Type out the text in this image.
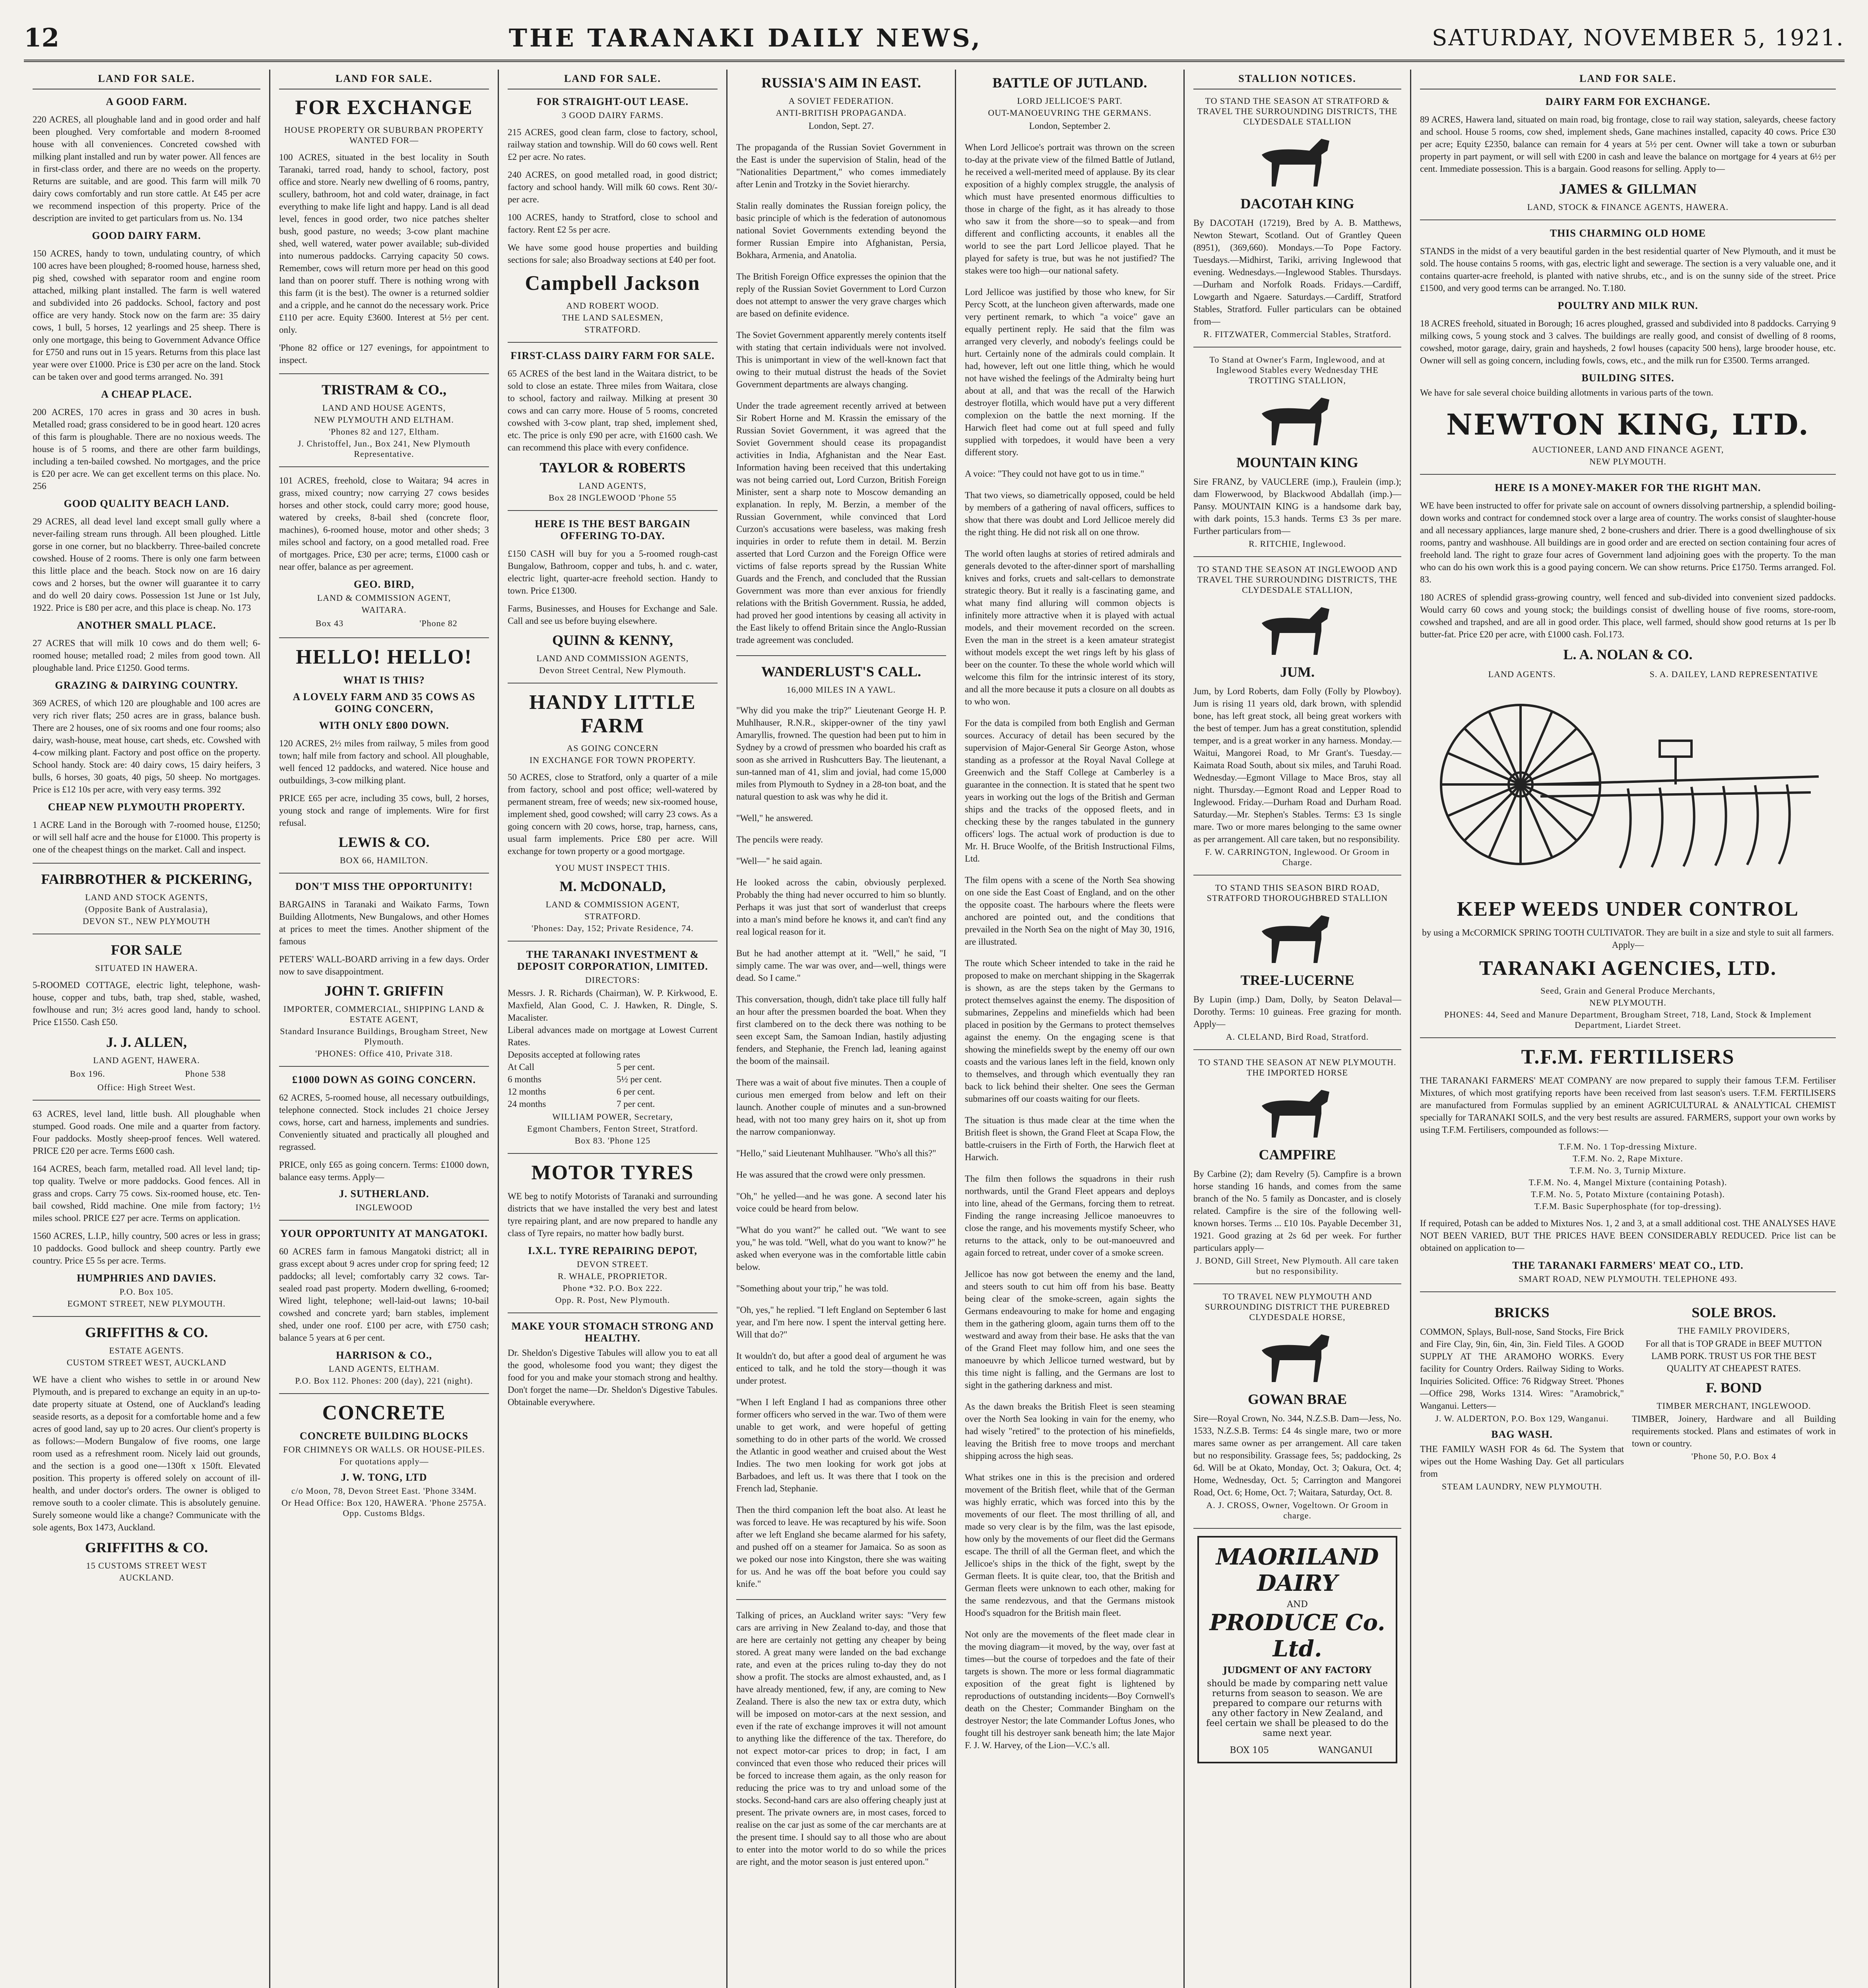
12	THE TARANAKI DAILY NEWS,	SATURDAY, NOVEMBER 5, 1921.
LAND FOR SALE.
A GOOD FARM.
220 ACRES, all ploughable land and in good order and half been ploughed. Very comfortable and modern 8-roomed house with all conveniences. Concreted cowshed with milking plant installed and run by water power. All fences are in first-class order, and there are no weeds on the property. Returns are suitable, and are good. This farm will milk 70 dairy cows comfortably and run store cattle. At £45 per acre we recommend inspection of this property. Price of the description are invited to get particulars from us. No. 134
GOOD DAIRY FARM.
150 ACRES, handy to town, undulating country, of which 100 acres have been ploughed; 8-roomed house, harness shed, pig shed, cowshed with separator room and engine room attached, milking plant installed. The farm is well watered and subdivided into 26 paddocks. School, factory and post office are very handy. Stock now on the farm are: 35 dairy cows, 1 bull, 5 horses, 12 yearlings and 25 sheep. There is only one mortgage, this being to Government Advance Office for £750 and runs out in 15 years. Returns from this place last year were over £1000. Price is £30 per acre on the land. Stock can be taken over and good terms arranged. No. 391
A CHEAP PLACE.
200 ACRES, 170 acres in grass and 30 acres in bush. Metalled road; grass considered to be in good heart. 120 acres of this farm is ploughable. There are no noxious weeds. The house is of 5 rooms, and there are other farm buildings, including a ten-bailed cowshed. No mortgages, and the price is £20 per acre. We can get excellent terms on this place. No. 256
GOOD QUALITY BEACH LAND.
29 ACRES, all dead level land except small gully where a never-failing stream runs through. All been ploughed. Little gorse in one corner, but no blackberry. Three-bailed concrete cowshed. House of 2 rooms. There is only one farm between this little place and the beach. Stock now on are 16 dairy cows and 2 horses, but the owner will guarantee it to carry and do well 20 dairy cows. Possession 1st June or 1st July, 1922. Price is £80 per acre, and this place is cheap. No. 173
ANOTHER SMALL PLACE.
27 ACRES that will milk 10 cows and do them well; 6-roomed house; metalled road; 2 miles from good town. All ploughable land. Price £1250. Good terms.
GRAZING & DAIRYING COUNTRY.
369 ACRES, of which 120 are ploughable and 100 acres are very rich river flats; 250 acres are in grass, balance bush. There are 2 houses, one of six rooms and one four rooms; also dairy, wash-house, meat house, cart sheds, etc. Cowshed with 4-cow milking plant. Factory and post office on the property. School handy. Stock are: 40 dairy cows, 15 dairy heifers, 3 bulls, 6 horses, 30 goats, 40 pigs, 50 sheep. No mortgages. Price is £12 10s per acre, with very easy terms. 392
CHEAP NEW PLYMOUTH PROPERTY.
1 ACRE Land in the Borough with 7-roomed house, £1250; or will sell half acre and the house for £1000. This property is one of the cheapest things on the market. Call and inspect.
FAIRBROTHER & PICKERING,
LAND AND STOCK AGENTS,
(Opposite Bank of Australasia),
DEVON ST., NEW PLYMOUTH
FOR SALE
SITUATED IN HAWERA.
5-ROOMED COTTAGE, electric light, telephone, wash-house, copper and tubs, bath, trap shed, stable, washed, fowlhouse and run; 3½ acres good land, handy to school. Price £1550. Cash £50.
J. J. ALLEN,
LAND AGENT, HAWERA.
Box 196.	Phone 538
Office: High Street West.
63 ACRES, level land, little bush. All ploughable when stumped. Good roads. One mile and a quarter from factory. Four paddocks. Mostly sheep-proof fences. Well watered. PRICE £20 per acre. Terms £600 cash.
164 ACRES, beach farm, metalled road. All level land; tip-top quality. Twelve or more paddocks. Good fences. All in grass and crops. Carry 75 cows. Six-roomed house, etc. Ten-bail cowshed, Ridd machine. One mile from factory; 1½ miles school. PRICE £27 per acre. Terms on application.
1560 ACRES, L.I.P., hilly country, 500 acres or less in grass; 10 paddocks. Good bullock and sheep country. Partly ewe country. Price £5 5s per acre. Terms.
HUMPHRIES AND DAVIES.
P.O. Box 105.
EGMONT STREET, NEW PLYMOUTH.
GRIFFITHS & CO.
ESTATE AGENTS.
CUSTOM STREET WEST, AUCKLAND
WE have a client who wishes to settle in or around New Plymouth, and is prepared to exchange an equity in an up-to-date property situate at Ostend, one of Auckland's leading seaside resorts, as a deposit for a comfortable home and a few acres of good land, say up to 20 acres. Our client's property is as follows:—Modern Bungalow of five rooms, one large room used as a refreshment room. Nicely laid out grounds, and the section is a good one—130ft x 150ft. Elevated position. This property is offered solely on account of ill-health, and under doctor's orders. The owner is obliged to remove south to a cooler climate. This is absolutely genuine. Surely someone would like a change? Communicate with the sole agents, Box 1473, Auckland.
GRIFFITHS & CO.
15 CUSTOMS STREET WEST
AUCKLAND.
LAND FOR SALE.
FOR EXCHANGE
HOUSE PROPERTY OR SUBURBAN PROPERTY WANTED FOR—
100 ACRES, situated in the best locality in South Taranaki, tarred road, handy to school, factory, post office and store. Nearly new dwelling of 6 rooms, pantry, scullery, bathroom, hot and cold water, drainage, in fact everything to make life light and happy. Land is all dead level, fences in good order, two nice patches shelter bush, good pasture, no weeds; 3-cow plant machine shed, well watered, water power available; sub-divided into numerous paddocks. Carrying capacity 50 cows. Remember, cows will return more per head on this good land than on poorer stuff. There is nothing wrong with this farm (it is the best). The owner is a returned soldier and a cripple, and he cannot do the necessary work. Price £110 per acre. Equity £3600. Interest at 5½ per cent. only.
'Phone 82 office or 127 evenings, for appointment to inspect.
TRISTRAM & CO.,
LAND AND HOUSE AGENTS,
NEW PLYMOUTH AND ELTHAM.
'Phones 82 and 127, Eltham.
J. Christoffel, Jun., Box 241, New Plymouth Representative.
101 ACRES, freehold, close to Waitara; 94 acres in grass, mixed country; now carrying 27 cows besides horses and other stock, could carry more; good house, watered by creeks, 8-bail shed (concrete floor, machines), 6-roomed house, motor and other sheds; 3 miles school and factory, on a good metalled road. Free of mortgages. Price, £30 per acre; terms, £1000 cash or near offer, balance as per agreement.
GEO. BIRD,
LAND & COMMISSION AGENT,
WAITARA.
Box 43	'Phone 82
HELLO! HELLO!
WHAT IS THIS?
A LOVELY FARM AND 35 COWS AS GOING CONCERN,
WITH ONLY £800 DOWN.
120 ACRES, 2½ miles from railway, 5 miles from good town; half mile from factory and school. All ploughable, well fenced 12 paddocks, and watered. Nice house and outbuildings, 3-cow milking plant.
PRICE £65 per acre, including 35 cows, bull, 2 horses, young stock and range of implements. Wire for first refusal.
LEWIS & CO.
BOX 66, HAMILTON.
DON'T MISS THE OPPORTUNITY!
BARGAINS in Taranaki and Waikato Farms, Town Building Allotments, New Bungalows, and other Homes at prices to meet the times. Another shipment of the famous
PETERS' WALL-BOARD arriving in a few days. Order now to save disappointment.
JOHN T. GRIFFIN
IMPORTER, COMMERCIAL, SHIPPING LAND & ESTATE AGENT,
Standard Insurance Buildings, Brougham Street, New Plymouth.
'PHONES: Office 410, Private 318.
£1000 DOWN AS GOING CONCERN.
62 ACRES, 5-roomed house, all necessary outbuildings, telephone connected. Stock includes 21 choice Jersey cows, horse, cart and harness, implements and sundries. Conveniently situated and practically all ploughed and regrassed.
PRICE, only £65 as going concern. Terms: £1000 down, balance easy terms. Apply—
J. SUTHERLAND.
INGLEWOOD
YOUR OPPORTUNITY AT MANGATOKI.
60 ACRES farm in famous Mangatoki district; all in grass except about 9 acres under crop for spring feed; 12 paddocks; all level; comfortably carry 32 cows. Tar-sealed road past property. Modern dwelling, 6-roomed; Wired light, telephone; well-laid-out lawns; 10-bail cowshed and concrete yard; barn stables, implement shed, under one roof. £100 per acre, with £750 cash; balance 5 years at 6 per cent.
HARRISON & CO.,
LAND AGENTS, ELTHAM.
P.O. Box 112. Phones: 200 (day), 221 (night).
CONCRETE
CONCRETE BUILDING BLOCKS
FOR CHIMNEYS OR WALLS. OR HOUSE-PILES.
For quotations apply—
J. W. TONG, LTD
c/o Moon, 78, Devon Street East. 'Phone 334M.
Or Head Office: Box 120, HAWERA. 'Phone 2575A. Opp. Customs Bldgs.
LAND FOR SALE.
FOR STRAIGHT-OUT LEASE.
3 GOOD DAIRY FARMS.
215 ACRES, good clean farm, close to factory, school, railway station and township. Will do 60 cows well. Rent £2 per acre. No rates.
240 ACRES, on good metalled road, in good district; factory and school handy. Will milk 60 cows. Rent 30/- per acre.
100 ACRES, handy to Stratford, close to school and factory. Rent £2 5s per acre.
We have some good house properties and building sections for sale; also Broadway sections at £40 per foot.
Campbell Jackson
AND ROBERT WOOD.
THE LAND SALESMEN,
STRATFORD.
FIRST-CLASS DAIRY FARM FOR SALE.
65 ACRES of the best land in the Waitara district, to be sold to close an estate. Three miles from Waitara, close to school, factory and railway. Milking at present 30 cows and can carry more. House of 5 rooms, concreted cowshed with 3-cow plant, trap shed, implement shed, etc. The price is only £90 per acre, with £1600 cash. We can recommend this place with every confidence.
TAYLOR & ROBERTS
LAND AGENTS,
Box 28 INGLEWOOD 'Phone 55
HERE IS THE BEST BARGAIN OFFERING TO-DAY.
£150 CASH will buy for you a 5-roomed rough-cast Bungalow, Bathroom, copper and tubs, h. and c. water, electric light, quarter-acre freehold section. Handy to town. Price £1300.
Farms, Businesses, and Houses for Exchange and Sale. Call and see us before buying elsewhere.
QUINN & KENNY,
LAND AND COMMISSION AGENTS,
Devon Street Central, New Plymouth.
HANDY LITTLE FARM
AS GOING CONCERN
IN EXCHANGE FOR TOWN PROPERTY.
50 ACRES, close to Stratford, only a quarter of a mile from factory, school and post office; well-watered by permanent stream, free of weeds; new six-roomed house, implement shed, good cowshed; will carry 23 cows. As a going concern with 20 cows, horse, trap, harness, cans, usual farm implements. Price £80 per acre. Will exchange for town property or a good mortgage.
YOU MUST INSPECT THIS.
M. McDONALD,
LAND & COMMISSION AGENT,
STRATFORD.
'Phones: Day, 152; Private Residence, 74.
THE TARANAKI INVESTMENT & DEPOSIT CORPORATION, LIMITED.
DIRECTORS:
Messrs. J. R. Richards (Chairman), W. P. Kirkwood, E. Maxfield, Alan Good, C. J. Hawken, R. Dingle, S. Macalister.
Liberal advances made on mortgage at Lowest Current Rates.
Deposits accepted at following rates
At Call	5 per cent.
6 months	5½ per cent.
12 months	6 per cent.
24 months	7 per cent.
WILLIAM POWER, Secretary,
Egmont Chambers, Fenton Street, Stratford.
Box 83. 'Phone 125
MOTOR TYRES
WE beg to notify Motorists of Taranaki and surrounding districts that we have installed the very best and latest tyre repairing plant, and are now prepared to handle any class of Tyre repairs, no matter how badly burst.
I.X.L. TYRE REPAIRING DEPOT,
DEVON STREET.
R. WHALE, PROPRIETOR.
Phone *32. P.O. Box 222.
Opp. R. Post, New Plymouth.
MAKE YOUR STOMACH STRONG AND HEALTHY.
Dr. Sheldon's Digestive Tabules will allow you to eat all the good, wholesome food you want; they digest the food for you and make your stomach strong and healthy. Don't forget the name—Dr. Sheldon's Digestive Tabules. Obtainable everywhere.
RUSSIA'S AIM IN EAST.
A SOVIET FEDERATION.
ANTI-BRITISH PROPAGANDA.
London, Sept. 27.

The propaganda of the Russian Soviet Government in the East is under the supervision of Stalin, head of the "Nationalities Department," who comes immediately after Lenin and Trotzky in the Soviet hierarchy.

Stalin really dominates the Russian foreign policy, the basic principle of which is the federation of autonomous national Soviet Governments extending beyond the former Russian Empire into Afghanistan, Persia, Bokhara, Armenia, and Anatolia.

The British Foreign Office expresses the opinion that the reply of the Russian Soviet Government to Lord Curzon does not attempt to answer the very grave charges which are based on definite evidence.

The Soviet Government apparently merely contents itself with stating that certain individuals were not involved. This is unimportant in view of the well-known fact that owing to their mutual distrust the heads of the Soviet Government departments are always changing.

Under the trade agreement recently arrived at between Sir Robert Horne and M. Krassin the emissary of the Russian Soviet Government, it was agreed that the Soviet Government should cease its propagandist activities in India, Afghanistan and the Near East. Information having been received that this undertaking was not being carried out, Lord Curzon, British Foreign Minister, sent a sharp note to Moscow demanding an explanation. In reply, M. Berzin, a member of the Russian Government, while convinced that Lord Curzon's accusations were baseless, was making fresh inquiries in order to refute them in detail. M. Berzin asserted that Lord Curzon and the Foreign Office were victims of false reports spread by the Russian White Guards and the French, and concluded that the Russian Government was more than ever anxious for friendly relations with the British Government. Russia, he added, had proved her good intentions by ceasing all activity in the East likely to offend Britain since the Anglo-Russian trade agreement was concluded.

WANDERLUST'S CALL.
16,000 MILES IN A YAWL.

"Why did you make the trip?" Lieutenant George H. P. Muhlhauser, R.N.R., skipper-owner of the tiny yawl Amaryllis, frowned. The question had been put to him in Sydney by a crowd of pressmen who boarded his craft as soon as she arrived in Rushcutters Bay. The lieutenant, a sun-tanned man of 41, slim and jovial, had come 15,000 miles from Plymouth to Sydney in a 28-ton boat, and the natural question to ask was why he did it.

"Well," he answered.

The pencils were ready.

"Well—" he said again.

He looked across the cabin, obviously perplexed. Probably the thing had never occurred to him so bluntly. Perhaps it was just that sort of wanderlust that creeps into a man's mind before he knows it, and can't find any real logical reason for it.

But he had another attempt at it. "Well," he said, "I simply came. The war was over, and—well, things were dead. So I came."

This conversation, though, didn't take place till fully half an hour after the pressmen boarded the boat. When they first clambered on to the deck there was nothing to be seen except Sam, the Samoan Indian, hastily adjusting fenders, and Stephanie, the French lad, leaning against the boom of the mainsail.

There was a wait of about five minutes. Then a couple of curious men emerged from below and left on their launch. Another couple of minutes and a sun-browned head, with not too many grey hairs on it, shot up from the narrow companionway.

"Hello," said Lieutenant Muhlhauser. "Who's all this?"

He was assured that the crowd were only pressmen.

"Oh," he yelled—and he was gone. A second later his voice could be heard from below.

"What do you want?" he called out. "We want to see you," he was told. "Well, what do you want to know?" he asked when everyone was in the comfortable little cabin below.

"Something about your trip," he was told.

"Oh, yes," he replied. "I left England on September 6 last year, and I'm here now. I spent the interval getting here. Will that do?"

It wouldn't do, but after a good deal of argument he was enticed to talk, and he told the story—though it was under protest.

"When I left England I had as companions three other former officers who served in the war. Two of them were unable to get work, and were hopeful of getting something to do in other parts of the world. We crossed the Atlantic in good weather and cruised about the West Indies. The two men looking for work got jobs at Barbadoes, and left us. It was there that I took on the French lad, Stephanie.

Then the third companion left the boat also. At least he was forced to leave. He was recaptured by his wife. Soon after we left England she became alarmed for his safety, and pushed off on a steamer for Jamaica. So as soon as we poked our nose into Kingston, there she was waiting for us. And he was off the boat before you could say knife."

Talking of prices, an Auckland writer says: "Very few cars are arriving in New Zealand to-day, and those that are here are certainly not getting any cheaper by being stored. A great many were landed on the bad exchange rate, and even at the prices ruling to-day they do not show a profit. The stocks are almost exhausted, and, as I have already mentioned, few, if any, are coming to New Zealand. There is also the new tax or extra duty, which will be imposed on motor-cars at the next session, and even if the rate of exchange improves it will not amount to anything like the difference of the tax. Therefore, do not expect motor-car prices to drop; in fact, I am convinced that even those who reduced their prices will be forced to increase them again, as the only reason for reducing the price was to try and unload some of the stocks. Second-hand cars are also offering cheaply just at present. The private owners are, in most cases, forced to realise on the car just as some of the car merchants are at the present time. I should say to all those who are about to enter into the motor world to do so while the prices are right, and the motor season is just entered upon."

BATTLE OF JUTLAND.
LORD JELLICOE'S PART.
OUT-MANOEUVRING THE GERMANS.
London, September 2.

When Lord Jellicoe's portrait was thrown on the screen to-day at the private view of the filmed Battle of Jutland, he received a well-merited meed of applause. By its clear exposition of a highly complex struggle, the analysis of which must have presented enormous difficulties to those in charge of the fight, as it has already to those who saw it from the shore—so to speak—and from different and conflicting accounts, it enables all the world to see the part Lord Jellicoe played. That he played for safety is true, but was he not justified? The stakes were too high—our national safety.

Lord Jellicoe was justified by those who knew, for Sir Percy Scott, at the luncheon given afterwards, made one very pertinent remark, to which "a voice" gave an equally pertinent reply. He said that the film was arranged very cleverly, and nobody's feelings could be hurt. Certainly none of the admirals could complain. It had, however, left out one little thing, which he would not have wished the feelings of the Admiralty being hurt about at all, and that was the recall of the Harwich destroyer flotilla, which would have put a very different complexion on the battle the next morning. If the Harwich fleet had come out at full speed and fully supplied with torpedoes, it would have been a very different story.

A voice: "They could not have got to us in time."

That two views, so diametrically opposed, could be held by members of a gathering of naval officers, suffices to show that there was doubt and Lord Jellicoe merely did the right thing. He did not risk all on one throw.

The world often laughs at stories of retired admirals and generals devoted to the after-dinner sport of marshalling knives and forks, cruets and salt-cellars to demonstrate strategic theory. But it really is a fascinating game, and what many find alluring will common objects is infinitely more attractive when it is played with actual models, and their movement recorded on the screen. Even the man in the street is a keen amateur strategist without models except the wet rings left by his glass of beer on the counter. To these the whole world which will welcome this film for the intrinsic interest of its story, and all the more because it puts a closure on all doubts as to who won.

For the data is compiled from both English and German sources. Accuracy of detail has been secured by the supervision of Major-General Sir George Aston, whose standing as a professor at the Royal Naval College at Greenwich and the Staff College at Camberley is a guarantee in the connection. It is stated that he spent two years in working out the logs of the British and German ships and the tracks of the opposed fleets, and in checking these by the ranges tabulated in the gunnery officers' logs. The actual work of production is due to Mr. H. Bruce Woolfe, of the British Instructional Films, Ltd.

The film opens with a scene of the North Sea showing on one side the East Coast of England, and on the other the opposite coast. The harbours where the fleets were anchored are pointed out, and the conditions that prevailed in the North Sea on the night of May 30, 1916, are illustrated.

The route which Scheer intended to take in the raid he proposed to make on merchant shipping in the Skagerrak is shown, as are the steps taken by the Germans to protect themselves against the enemy. The disposition of submarines, Zeppelins and minefields which had been placed in position by the Germans to protect themselves against the enemy. On the engaging scene is that showing the minefields swept by the enemy off our own coasts and the various lanes left in the field, known only to themselves, and through which eventually they ran back to lick behind their shelter. One sees the German submarines off our coasts waiting for our fleets.

The situation is thus made clear at the time when the British fleet is shown, the Grand Fleet at Scapa Flow, the battle-cruisers in the Firth of Forth, the Harwich fleet at Harwich.

The film then follows the squadrons in their rush northwards, until the Grand Fleet appears and deploys into line, ahead of the Germans, forcing them to retreat. Finding the range increasing Jellicoe manoeuvres to close the range, and his movements mystify Scheer, who returns to the attack, only to be out-manoeuvred and again forced to retreat, under cover of a smoke screen.

Jellicoe has now got between the enemy and the land, and steers south to cut him off from his base. Beatty being clear of the smoke-screen, again sights the Germans endeavouring to make for home and engaging them in the gathering gloom, again turns them off to the westward and away from their base. He asks that the van of the Grand Fleet may follow him, and one sees the manoeuvre by which Jellicoe turned westward, but by this time night is falling, and the Germans are lost to sight in the gathering darkness and mist.

As the dawn breaks the British Fleet is seen steaming over the North Sea looking in vain for the enemy, who had wisely "retired" to the protection of his minefields, leaving the British free to move troops and merchant shipping across the high seas.

What strikes one in this is the precision and ordered movement of the British fleet, while that of the German was highly erratic, which was forced into this by the movements of our fleet. The most thrilling of all, and made so very clear is by the film, was the last episode, how only by the movements of our fleet did the Germans escape. The thrill of all the German fleet, and which the Jellicoe's ships in the thick of the fight, swept by the German fleets. It is quite clear, too, that the British and German fleets were unknown to each other, making for the same rendezvous, and that the Germans mistook Hood's squadron for the British main fleet.

Not only are the movements of the fleet made clear in the moving diagram—it moved, by the way, over fast at times—but the course of torpedoes and the fate of their targets is shown. The more or less formal diagrammatic exposition of the great fight is lightened by reproductions of outstanding incidents—Boy Cornwell's death on the Chester; Commander Bingham on the destroyer Nestor; the late Commander Loftus Jones, who fought till his destroyer sank beneath him; the late Major F. J. W. Harvey, of the Lion—V.C.'s all.

STALLION NOTICES.
TO STAND THE SEASON AT STRATFORD & TRAVEL THE SURROUNDING DISTRICTS, THE CLYDESDALE STALLION
DACOTAH KING
By DACOTAH (17219), Bred by A. B. Matthews, Newton Stewart, Scotland. Out of Grantley Queen (8951), (369,660). Mondays.—To Pope Factory. Tuesdays.—Midhirst, Tariki, arriving Inglewood that evening. Wednesdays.—Inglewood Stables. Thursdays.—Durham and Norfolk Roads. Fridays.—Cardiff, Lowgarth and Ngaere. Saturdays.—Cardiff, Stratford Stables, Stratford. Fuller particulars can be obtained from—
R. FITZWATER, Commercial Stables, Stratford.
To Stand at Owner's Farm, Inglewood, and at Inglewood Stables every Wednesday THE TROTTING STALLION,
MOUNTAIN KING
Sire FRANZ, by VAUCLERE (imp.), Fraulein (imp.); dam Flowerwood, by Blackwood Abdallah (imp.)—Pansy. MOUNTAIN KING is a handsome dark bay, with dark points, 15.3 hands. Terms £3 3s per mare. Further particulars from—
R. RITCHIE, Inglewood.
TO STAND THE SEASON AT INGLEWOOD AND TRAVEL THE SURROUNDING DISTRICTS, THE CLYDESDALE STALLION,
JUM.
Jum, by Lord Roberts, dam Folly (Folly by Plowboy). Jum is rising 11 years old, dark brown, with splendid bone, has left great stock, all being great workers with the best of temper. Jum has a great constitution, splendid temper, and is a great worker in any harness. Monday.—Waitui, Mangorei Road, to Mr Grant's. Tuesday.—Kaimata Road South, about six miles, and Taruhi Road. Wednesday.—Egmont Village to Mace Bros, stay all night. Thursday.—Egmont Road and Lepper Road to Inglewood. Friday.—Durham Road and Durham Road. Saturday.—Mr. Stephen's Stables. Terms: £3 1s single mare. Two or more mares belonging to the same owner as per arrangement. All care taken, but no responsibility.
F. W. CARRINGTON, Inglewood. Or Groom in Charge.
TO STAND THIS SEASON BIRD ROAD, STRATFORD THOROUGHBRED STALLION
TREE-LUCERNE
By Lupin (imp.) Dam, Dolly, by Seaton Delaval—Dorothy. Terms: 10 guineas. Free grazing for month. Apply—
A. CLELAND, Bird Road, Stratford.
TO STAND THE SEASON AT NEW PLYMOUTH. THE IMPORTED HORSE
CAMPFIRE
By Carbine (2); dam Revelry (5). Campfire is a brown horse standing 16 hands, and comes from the same branch of the No. 5 family as Doncaster, and is closely related. Campfire is the sire of the following well-known horses. Terms ... £10 10s. Payable December 31, 1921. Good grazing at 2s 6d per week. For further particulars apply—
J. BOND, Gill Street, New Plymouth. All care taken but no responsibility.
TO TRAVEL NEW PLYMOUTH AND SURROUNDING DISTRICT THE PUREBRED CLYDESDALE HORSE,
GOWAN BRAE
Sire—Royal Crown, No. 344, N.Z.S.B. Dam—Jess, No. 1533, N.Z.S.B. Terms: £4 4s single mare, two or more mares same owner as per arrangement. All care taken but no responsibility. Grassage fees, 5s; paddocking, 2s 6d. Will be at Okato, Monday, Oct. 3; Oakura, Oct. 4; Home, Wednesday, Oct. 5; Carrington and Mangorei Road, Oct. 6; Home, Oct. 7; Waitara, Saturday, Oct. 8.
A. J. CROSS, Owner, Vogeltown. Or Groom in charge.
MAORILAND DAIRY
AND
PRODUCE Co. Ltd.
JUDGMENT OF ANY FACTORY
should be made by comparing nett value returns from season to season. We are prepared to compare our returns with any other factory in New Zealand, and feel certain we shall be pleased to do the same next year.
BOX 105	WANGANUI
LAND FOR SALE.
DAIRY FARM FOR EXCHANGE.
89 ACRES, Hawera land, situated on main road, big frontage, close to rail way station, saleyards, cheese factory and school. House 5 rooms, cow shed, implement sheds, Gane machines installed, capacity 40 cows. Price £30 per acre; Equity £2350, balance can remain for 4 years at 5½ per cent. Owner will take a town or suburban property in part payment, or will sell with £200 in cash and leave the balance on mortgage for 4 years at 6½ per cent. Immediate possession. This is a bargain. Good reasons for selling. Apply to—
JAMES & GILLMAN
LAND, STOCK & FINANCE AGENTS, HAWERA.
THIS CHARMING OLD HOME
STANDS in the midst of a very beautiful garden in the best residential quarter of New Plymouth, and it must be sold. The house contains 5 rooms, with gas, electric light and sewerage. The section is a very valuable one, and it contains quarter-acre freehold, is planted with native shrubs, etc., and is on the sunny side of the street. Price £1500, and very good terms can be arranged. No. T.180.
POULTRY AND MILK RUN.
18 ACRES freehold, situated in Borough; 16 acres ploughed, grassed and subdivided into 8 paddocks. Carrying 9 milking cows, 5 young stock and 3 calves. The buildings are really good, and consist of dwelling of 8 rooms, cowshed, motor garage, dairy, grain and haysheds, 2 fowl houses (capacity 500 hens), large brooder house, etc. Owner will sell as going concern, including fowls, cows, etc., and the milk run for £3500. Terms arranged.
BUILDING SITES.
We have for sale several choice building allotments in various parts of the town.
NEWTON KING, LTD.
AUCTIONEER, LAND AND FINANCE AGENT,
NEW PLYMOUTH.
HERE IS A MONEY-MAKER FOR THE RIGHT MAN.
WE have been instructed to offer for private sale on account of owners dissolving partnership, a splendid boiling-down works and contract for condemned stock over a large area of country. The works consist of slaughter-house and all necessary appliances, large manure shed, 2 bone-crushers and drier. There is a good dwellinghouse of six rooms, pantry and washhouse. All buildings are in good order and are erected on section containing four acres of freehold land. The right to graze four acres of Government land adjoining goes with the property. To the man who can do his own work this is a good paying concern. We can show returns. Price £1750. Terms arranged. Fol. 83.
180 ACRES of splendid grass-growing country, well fenced and sub-divided into convenient sized paddocks. Would carry 60 cows and young stock; the buildings consist of dwelling house of five rooms, store-room, cowshed and trapshed, and are all in good order. This place, well farmed, should show good returns at 1s per lb butter-fat. Price £20 per acre, with £1000 cash. Fol.173.
L. A. NOLAN & CO.
LAND AGENTS.	S. A. DAILEY, LAND REPRESENTATIVE
KEEP WEEDS UNDER CONTROL
by using a McCORMICK SPRING TOOTH CULTIVATOR. They are built in a size and style to suit all farmers. Apply—
TARANAKI AGENCIES, LTD.
Seed, Grain and General Produce Merchants,
NEW PLYMOUTH.
PHONES: 44, Seed and Manure Department, Brougham Street, 718, Land, Stock & Implement Department, Liardet Street.
T.F.M. FERTILISERS
THE TARANAKI FARMERS' MEAT COMPANY are now prepared to supply their famous T.F.M. Fertiliser Mixtures, of which most gratifying reports have been received from last season's users. T.F.M. FERTILISERS are manufactured from Formulas supplied by an eminent AGRICULTURAL & ANALYTICAL CHEMIST specially for TARANAKI SOILS, and the very best results are assured. FARMERS, support your own works by using T.F.M. Fertilisers, compounded as follows:—
T.F.M. No. 1 Top-dressing Mixture.
T.F.M. No. 2, Rape Mixture.
T.F.M. No. 3, Turnip Mixture.
T.F.M. No. 4, Mangel Mixture (containing Potash).
T.F.M. No. 5, Potato Mixture (containing Potash).
T.F.M. Basic Superphosphate (for top-dressing).
If required, Potash can be added to Mixtures Nos. 1, 2 and 3, at a small additional cost. THE ANALYSES HAVE NOT BEEN VARIED, BUT THE PRICES HAVE BEEN CONSIDERABLY REDUCED. Price list can be obtained on application to—
THE TARANAKI FARMERS' MEAT CO., LTD.
SMART ROAD, NEW PLYMOUTH. TELEPHONE 493.
BRICKS
COMMON, Splays, Bull-nose, Sand Stocks, Fire Brick and Fire Clay, 9in, 6in, 4in, 3in. Field Tiles. A GOOD SUPPLY AT THE ARAMOHO WORKS. Every facility for Country Orders. Railway Siding to Works. Inquiries Solicited. Office: 76 Ridgway Street. 'Phones—Office 298, Works 1314. Wires: "Aramobrick," Wanganui. Letters—
J. W. ALDERTON, P.O. Box 129, Wanganui.
BAG WASH.
THE FAMILY WASH FOR 4s 6d. The System that wipes out the Home Washing Day. Get all particulars from
STEAM LAUNDRY, NEW PLYMOUTH.
SOLE BROS.
THE FAMILY PROVIDERS,
For all that is TOP GRADE in BEEF MUTTON LAMB PORK. TRUST US FOR THE BEST QUALITY AT CHEAPEST RATES.
F. BOND
TIMBER MERCHANT, INGLEWOOD.
TIMBER, Joinery, Hardware and all Building requirements stocked. Plans and estimates of work in town or country.
'Phone 50, P.O. Box 4
